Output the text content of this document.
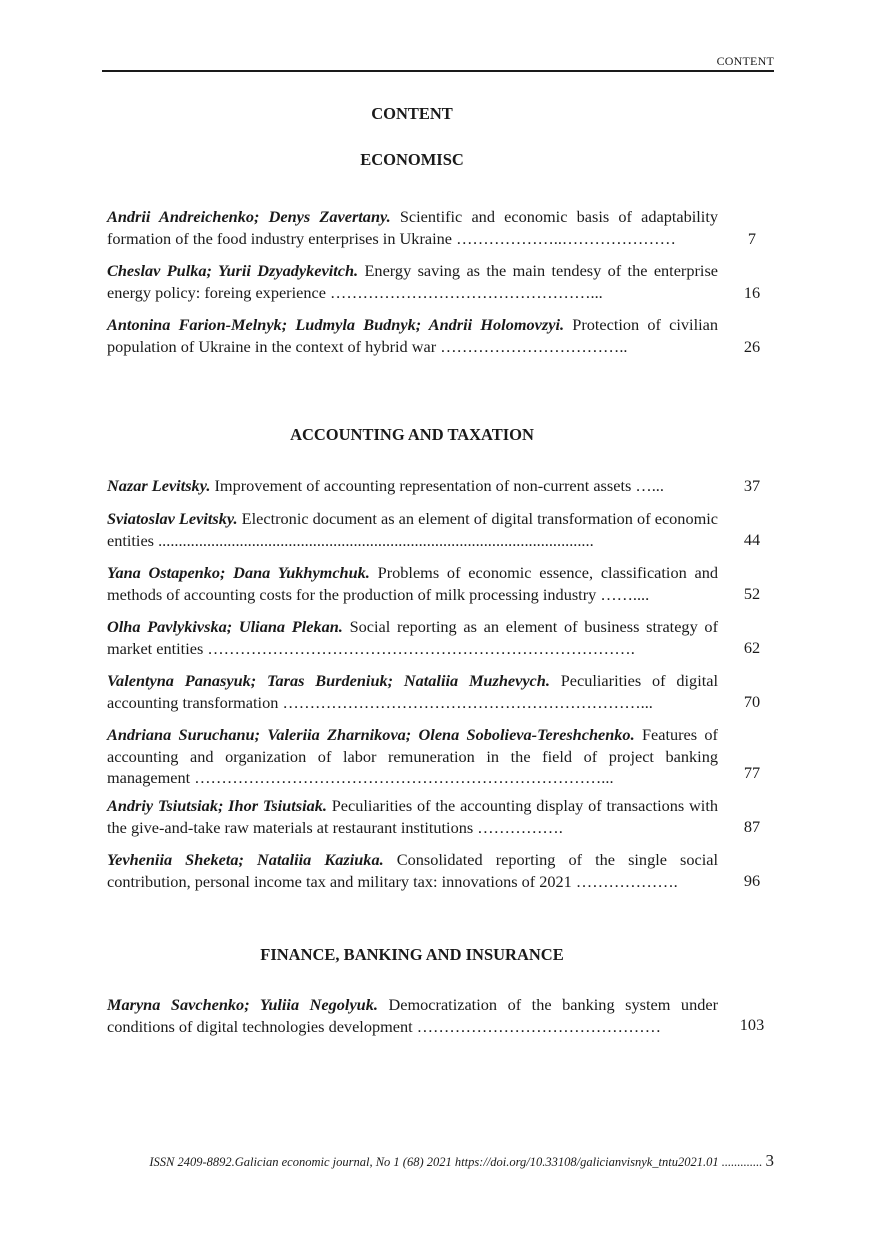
CONTENT
CONTENT
ECONOMISC
Andrii Andreichenko; Denys Zavertany. Scientific and economic basis of adaptability formation of the food industry enterprises in Ukraine ………………..…………………	7
Cheslav Pulka; Yurii Dzyadykevitch. Energy saving as the main tendesy of the enterprise energy policy: foreing experience …………………………………………...	16
Antonina Farion-Melnyk; Ludmyla Budnyk; Andrii Holomovzyi. Protection of civilian population of Ukraine in the context of hybrid war ……………………………..	26
ACCOUNTING AND TAXATION
Nazar Levitsky. Improvement of accounting representation of non-current assets …...	37
Sviatoslav Levitsky. Electronic document as an element of digital transformation of economic entities ...........................................................................................................	44
Yana Ostapenko; Dana Yukhymchuk. Problems of economic essence, classification and methods of accounting costs for the production of milk processing industry ……....	52
Olha Pavlykivska; Uliana Plekan. Social reporting as an element of business strategy of market entities …………………………………………………………………….	62
Valentyna Panasyuk; Taras Burdeniuk; Nataliia Muzhevych. Peculiarities of digital accounting transformation …………………………………………………………...	70
Andriana Suruchanu; Valeriia Zharnikova; Olena Sobolieva-Tereshchenko. Features of accounting and organization of labor remuneration in the field of project banking management …………………………………………………………………...	77
Andriy Tsiutsiak; Ihor Tsiutsiak. Peculiarities of the accounting display of transactions with the give-and-take raw materials at restaurant institutions …………….	87
Yevheniia Sheketa; Nataliia Kaziuka. Consolidated reporting of the single social contribution, personal income tax and military tax: innovations of 2021 ……………….	96
FINANCE, BANKING AND INSURANCE
Maryna Savchenko; Yuliia Negolyuk. Democratization of the banking system under conditions of digital technologies development ………………………………………	103
ISSN 2409-8892.Galician economic journal, No 1 (68) 2021 https://doi.org/10.33108/galicianvisnyk_tntu2021.01 ............. 3
